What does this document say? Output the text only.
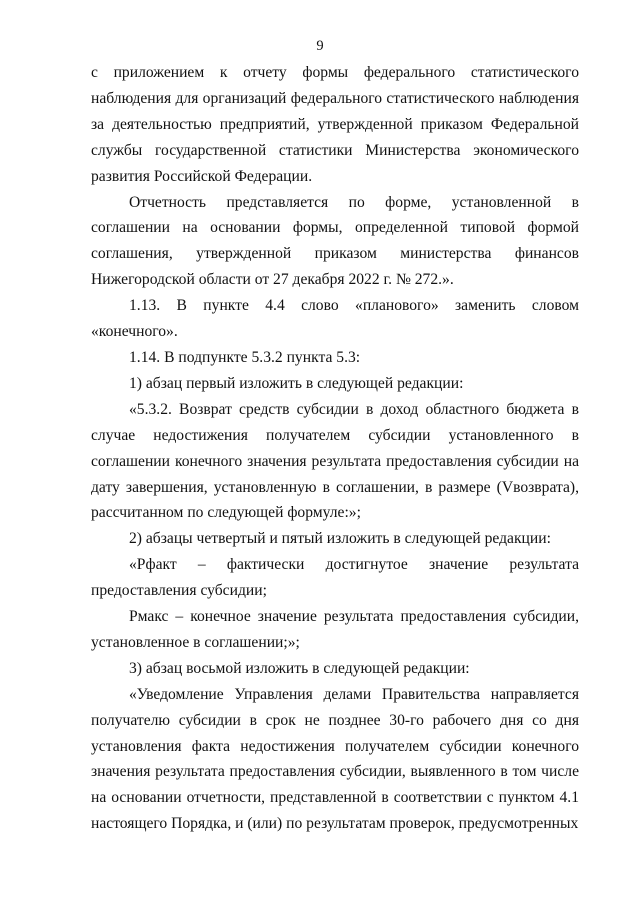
9

с приложением к отчету формы федерального статистического наблюдения для организаций федерального статистического наблюдения за деятельностью предприятий, утвержденной приказом Федеральной службы государственной статистики Министерства экономического развития Российской Федерации.

Отчетность представляется по форме, установленной в соглашении на основании формы, определенной типовой формой соглашения, утвержденной приказом министерства финансов Нижегородской области от 27 декабря 2022 г. № 272.».

1.13. В пункте 4.4 слово «планового» заменить словом «конечного».

1.14. В подпункте 5.3.2 пункта 5.3:

1) абзац первый изложить в следующей редакции:

«5.3.2. Возврат средств субсидии в доход областного бюджета в случае недостижения получателем субсидии установленного в соглашении конечного значения результата предоставления субсидии на дату завершения, установленную в соглашении, в размере (Vвозврата), рассчитанном по следующей формуле:»;

2) абзацы четвертый и пятый изложить в следующей редакции:

«Рфакт – фактически достигнутое значение результата предоставления субсидии;

Рмакс – конечное значение результата предоставления субсидии, установленное в соглашении;»;

3) абзац восьмой изложить в следующей редакции:

«Уведомление Управления делами Правительства направляется получателю субсидии в срок не позднее 30-го рабочего дня со дня установления факта недостижения получателем субсидии конечного значения результата предоставления субсидии, выявленного в том числе на основании отчетности, представленной в соответствии с пунктом 4.1 настоящего Порядка, и (или) по результатам проверок, предусмотренных
